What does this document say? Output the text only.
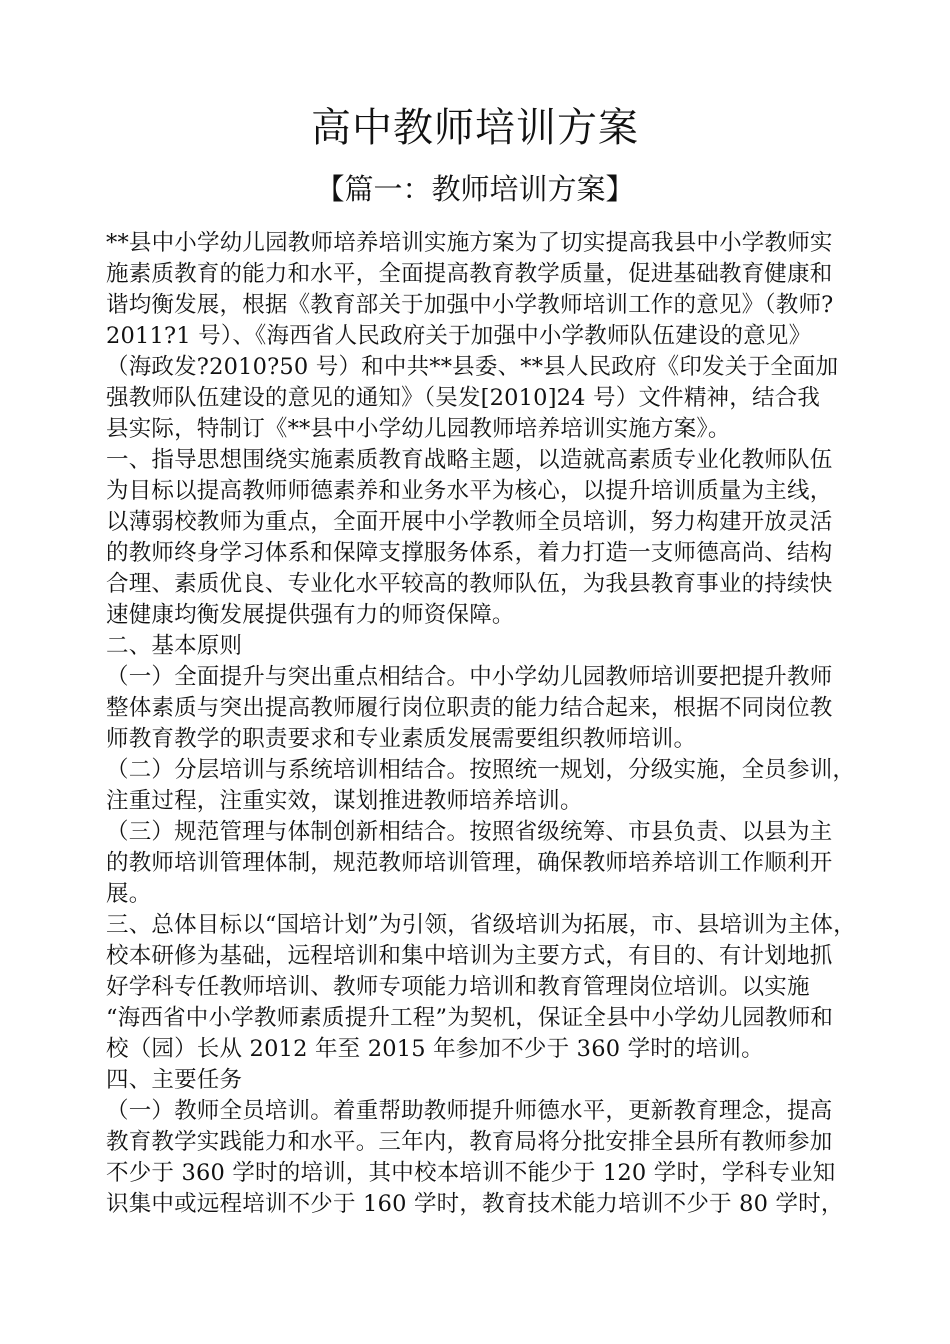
高中教师培训方案
【篇一：教师培训方案】
**县中小学幼儿园教师培养培训实施方案为了切实提高我县中小学教师实
施素质教育的能力和水平，全面提高教育教学质量，促进基础教育健康和
谐均衡发展，根据《教育部关于加强中小学教师培训工作的意见》（教师?
2011?1 号）、《海西省人民政府关于加强中小学教师队伍建设的意见》
（海政发?2010?50 号）和中共**县委、**县人民政府《印发关于全面加
强教师队伍建设的意见的通知》（吴发[2010]24 号）文件精神，结合我
县实际，特制订《**县中小学幼儿园教师培养培训实施方案》。
一、指导思想围绕实施素质教育战略主题，以造就高素质专业化教师队伍
为目标以提高教师师德素养和业务水平为核心，以提升培训质量为主线，
以薄弱校教师为重点，全面开展中小学教师全员培训，努力构建开放灵活
的教师终身学习体系和保障支撑服务体系，着力打造一支师德高尚、结构
合理、素质优良、专业化水平较高的教师队伍，为我县教育事业的持续快
速健康均衡发展提供强有力的师资保障。
二、基本原则
（一）全面提升与突出重点相结合。中小学幼儿园教师培训要把提升教师
整体素质与突出提高教师履行岗位职责的能力结合起来，根据不同岗位教
师教育教学的职责要求和专业素质发展需要组织教师培训。
（二）分层培训与系统培训相结合。按照统一规划，分级实施，全员参训，
注重过程，注重实效，谋划推进教师培养培训。
（三）规范管理与体制创新相结合。按照省级统筹、市县负责、以县为主
的教师培训管理体制，规范教师培训管理，确保教师培养培训工作顺利开
展。
三、总体目标以“国培计划”为引领，省级培训为拓展，市、县培训为主体，
校本研修为基础，远程培训和集中培训为主要方式，有目的、有计划地抓
好学科专任教师培训、教师专项能力培训和教育管理岗位培训。以实施
“海西省中小学教师素质提升工程”为契机，保证全县中小学幼儿园教师和
校（园）长从 2012 年至 2015 年参加不少于 360 学时的培训。
四、主要任务
（一）教师全员培训。着重帮助教师提升师德水平，更新教育理念，提高
教育教学实践能力和水平。三年内，教育局将分批安排全县所有教师参加
不少于 360 学时的培训，其中校本培训不能少于 120 学时，学科专业知
识集中或远程培训不少于 160 学时，教育技术能力培训不少于 80 学时，
